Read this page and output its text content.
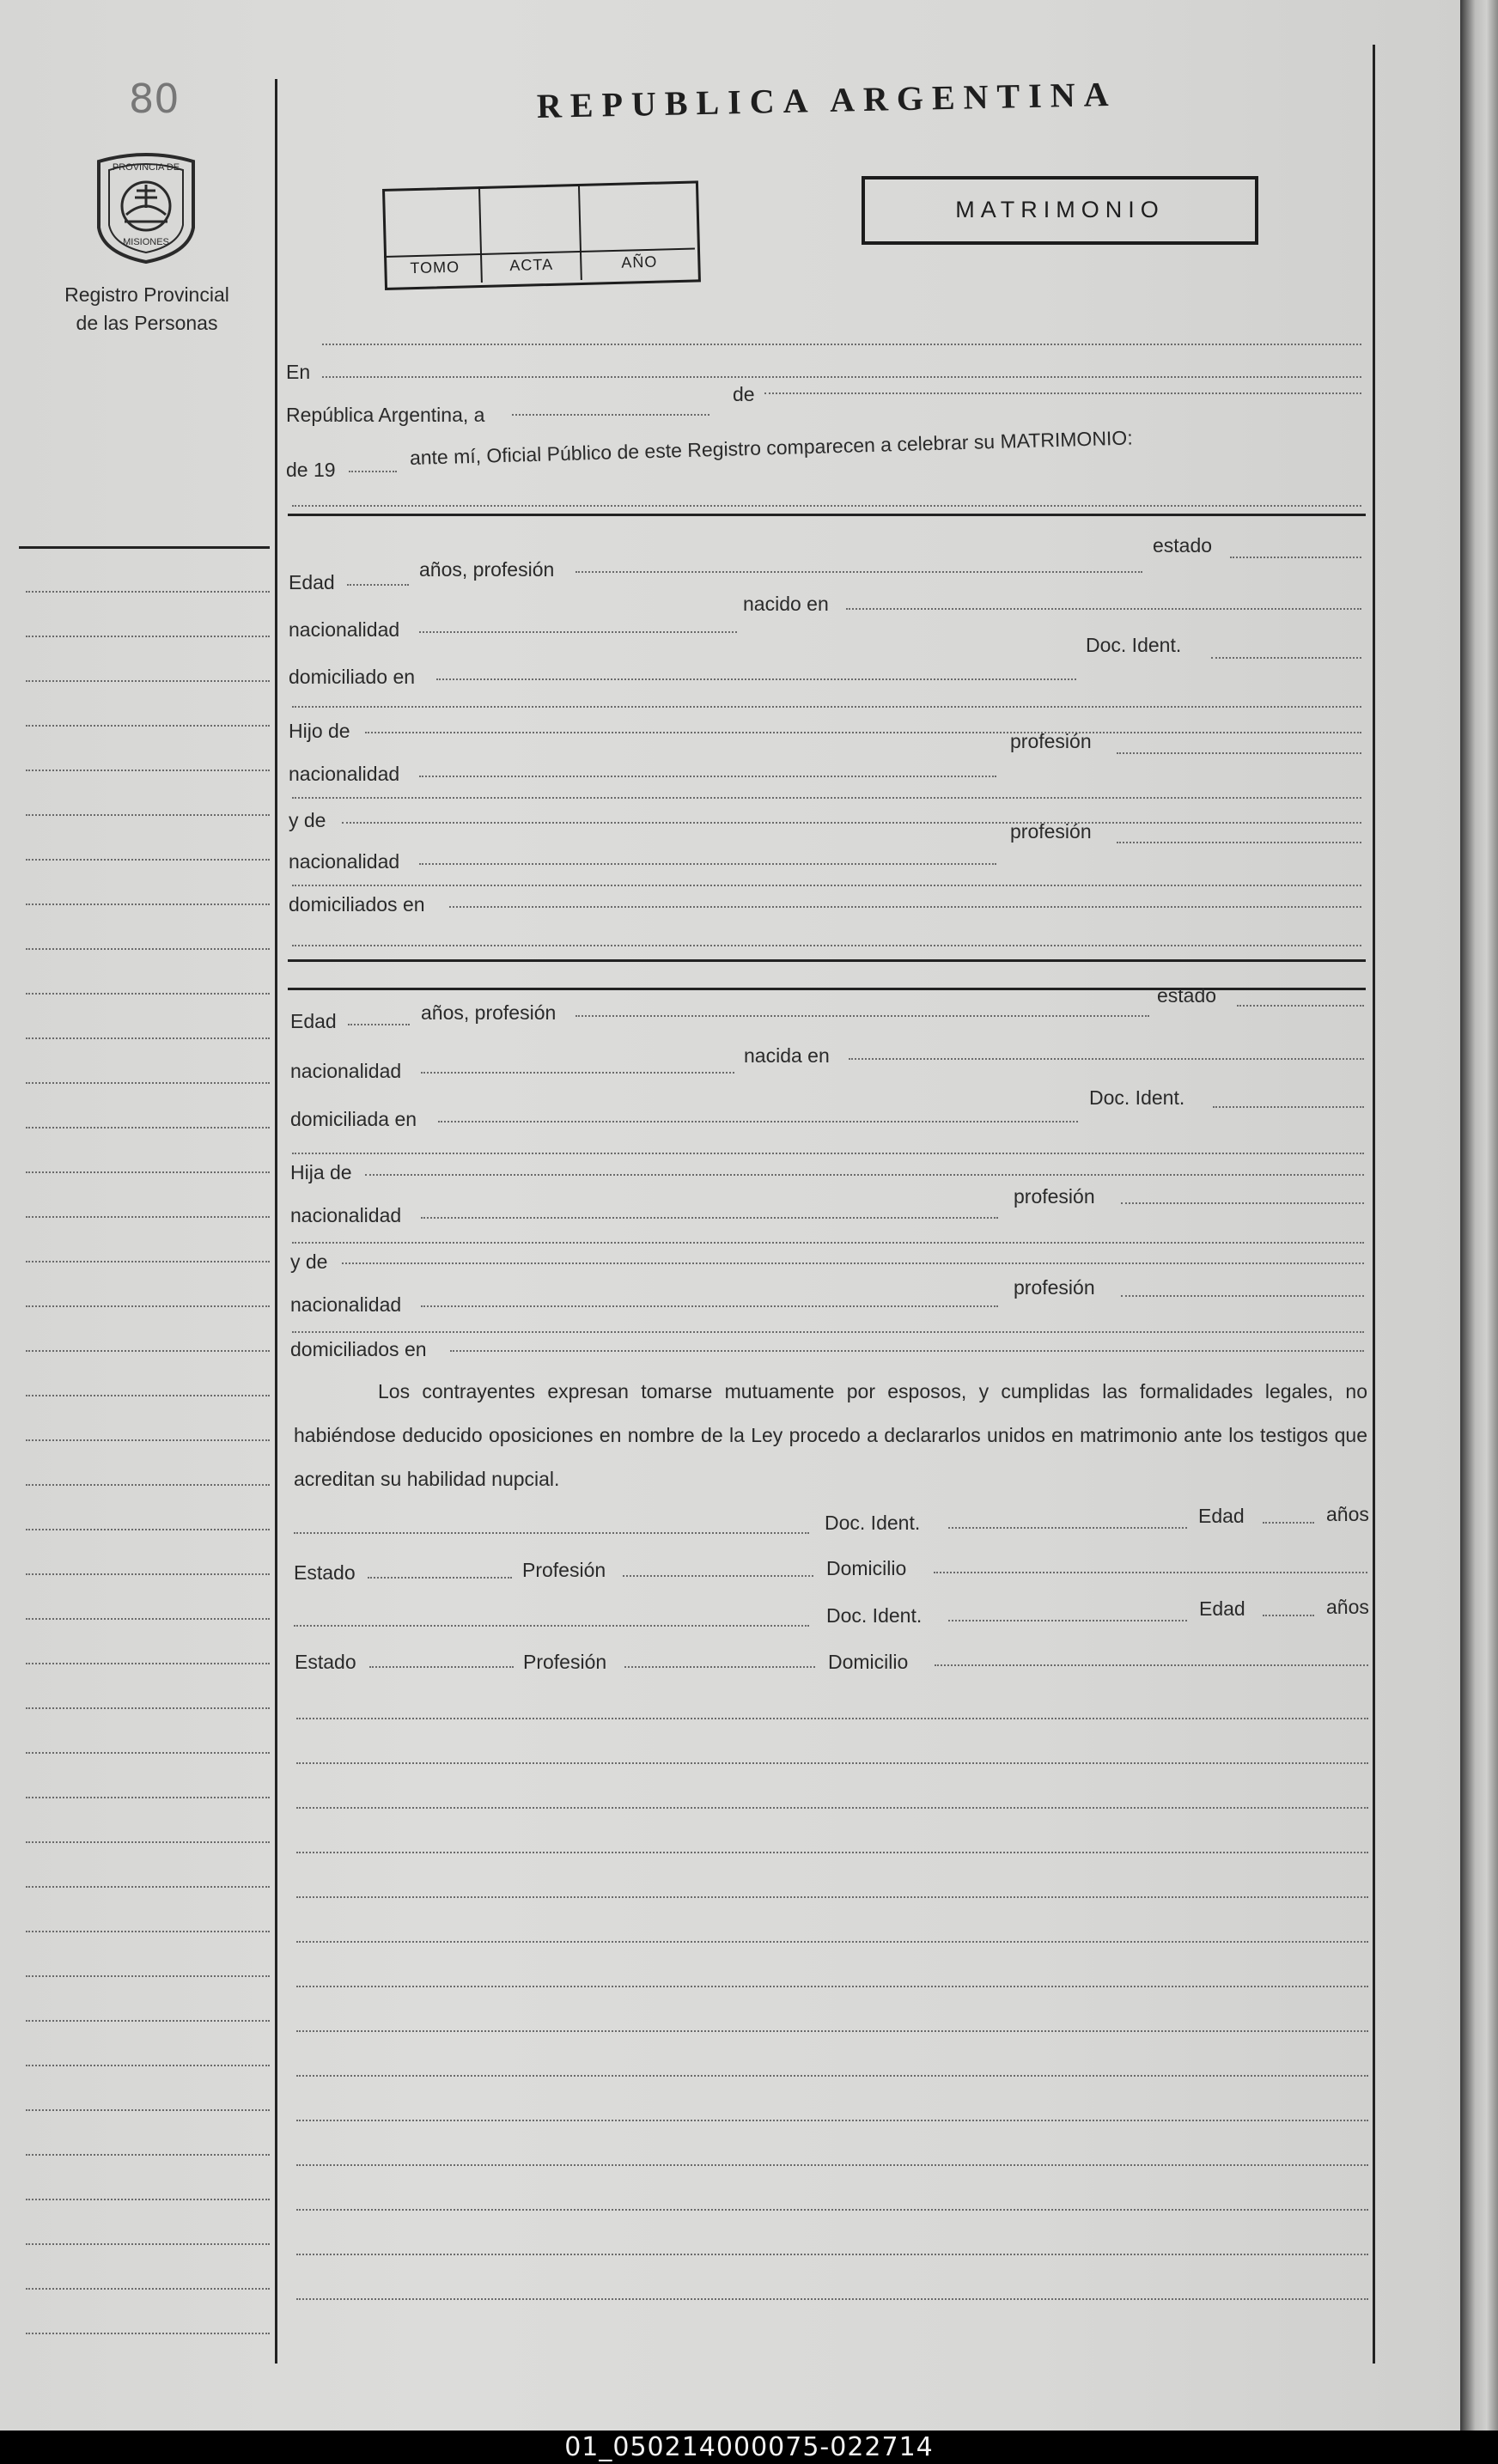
80
PROVINCIA DE
MISIONES
Registro Provincial
de las Personas
REPUBLICA ARGENTINA
MATRIMONIO
TOMO	ACTA	AÑO
En
República Argentina, a
de
de 19
ante mí, Oficial Público de este Registro comparecen a celebrar su MATRIMONIO:
Edad
años, profesión
estado
nacionalidad
nacido en
domiciliado en
Doc. Ident.
Hijo de
nacionalidad
profesión
y de
nacionalidad
profesión
domiciliados en
Edad	años, profesión
estado
nacionalidad
nacida en
domiciliada en
Doc. Ident.
Hija de
nacionalidad
profesión
y de
nacionalidad
profesión
domiciliados en
Los contrayentes expresan tomarse mutuamente por esposos, y cumplidas las formalidades legales, no habiéndose deducido oposiciones en nombre de la Ley procedo a declararlos unidos en matrimonio ante los testigos que acreditan su habilidad nupcial.
Doc. Ident.	Edad	años
Estado	Profesión	Domicilio
Doc. Ident.	Edad	años
Estado	Profesión	Domicilio
01_050214000075-022714
